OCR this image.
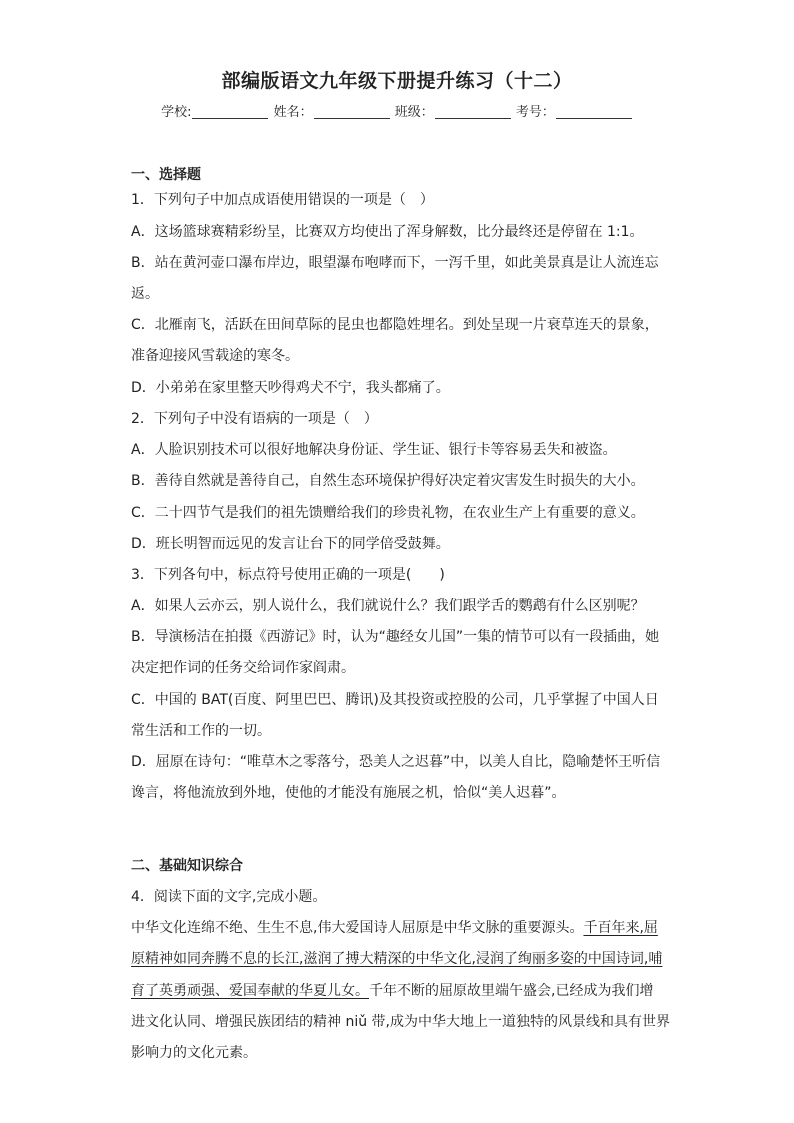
部编版语文九年级下册提升练习（十二）
学校:	姓名：	班级：	考号：
一、选择题
1．下列句子中加点成语使用错误的一项是（　）
A．这场篮球赛精彩纷呈，比赛双方均使出了浑身解数，比分最终还是停留在 1:1。
B．站在黄河壶口瀑布岸边，眼望瀑布咆哮而下，一泻千里，如此美景真是让人流连忘
返。
C．北雁南飞，活跃在田间草际的昆虫也都隐姓埋名。到处呈现一片衰草连天的景象，
准备迎接风雪载途的寒冬。
D．小弟弟在家里整天吵得鸡犬不宁，我头都痛了。
2．下列句子中没有语病的一项是（　）
A．人脸识别技术可以很好地解决身份证、学生证、银行卡等容易丢失和被盗。
B．善待自然就是善待自己，自然生态环境保护得好决定着灾害发生时损失的大小。
C．二十四节气是我们的祖先馈赠给我们的珍贵礼物，在农业生产上有重要的意义。
D．班长明智而远见的发言让台下的同学倍受鼓舞。
3．下列各句中，标点符号使用正确的一项是(　　)
A．如果人云亦云，别人说什么，我们就说什么？我们跟学舌的鹦鹉有什么区别呢？
B．导演杨洁在拍摄《西游记》时，认为“趣经女儿国”一集的情节可以有一段插曲，她
决定把作词的任务交给词作家阎肃。
C．中国的 BAT(百度、阿里巴巴、腾讯)及其投资或控股的公司，几乎掌握了中国人日
常生活和工作的一切。
D．屈原在诗句：“唯草木之零落兮，恐美人之迟暮”中，以美人自比，隐喻楚怀王听信
谗言，将他流放到外地，使他的才能没有施展之机，恰似“美人迟暮”。
二、基础知识综合
4．阅读下面的文字,完成小题。
中华文化连绵不绝、生生不息,伟大爱国诗人屈原是中华文脉的重要源头。千百年来,屈
原精神如同奔腾不息的长江,滋润了搏大精深的中华文化,浸润了绚丽多姿的中国诗词,哺
育了英勇顽强、爱国奉献的华夏儿女。千年不断的屈原故里端午盛会,已经成为我们增
进文化认同、增强民族团结的精神 niǔ 带,成为中华大地上一道独特的风景线和具有世界
影响力的文化元素。
